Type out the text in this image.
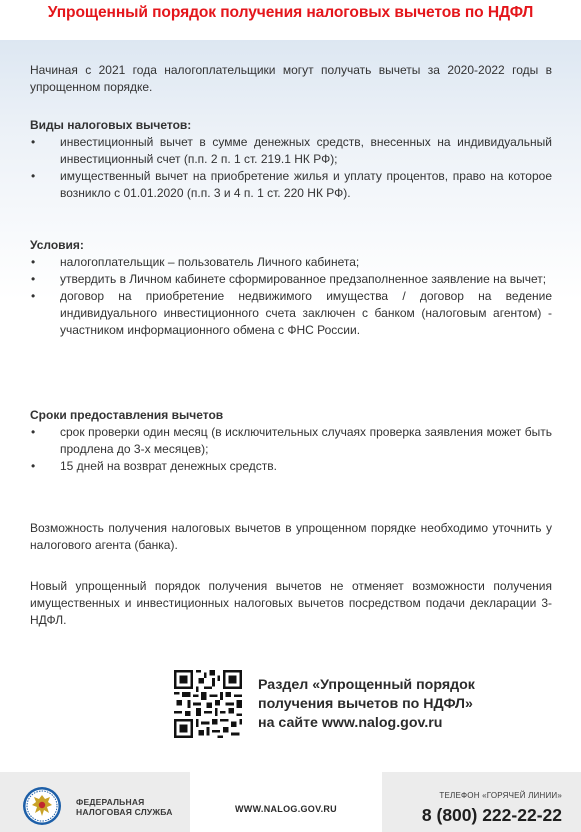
Упрощенный порядок получения налоговых вычетов по НДФЛ
Начиная с 2021 года налогоплательщики могут получать вычеты за 2020-2022 годы в упрощенном порядке.
Виды налоговых вычетов:
• инвестиционный вычет в сумме денежных средств, внесенных на индивидуальный инвестиционный счет (п.п. 2 п. 1 ст. 219.1 НК РФ);
• имущественный вычет на приобретение жилья и уплату процентов, право на которое возникло с 01.01.2020 (п.п. 3 и 4 п. 1 ст. 220 НК РФ).
Условия:
• налогоплательщик – пользователь Личного кабинета;
• утвердить в Личном кабинете сформированное предзаполненное заявление на вычет;
• договор на приобретение недвижимого имущества / договор на ведение индивидуального инвестиционного счета заключен с банком (налоговым агентом) - участником информационного обмена с ФНС России.
Сроки предоставления вычетов
• срок проверки один месяц (в исключительных случаях проверка заявления может быть продлена до 3-х месяцев);
• 15 дней на возврат денежных средств.
Возможность получения налоговых вычетов в упрощенном порядке необходимо уточнить у налогового агента (банка).
Новый упрощенный порядок получения вычетов не отменяет возможности получения имущественных и инвестиционных налоговых вычетов посредством подачи декларации 3-НДФЛ.
Раздел «Упрощенный порядок
получения вычетов по НДФЛ»
на сайте www.nalog.gov.ru
ФЕДЕРАЛЬНАЯ
НАЛОГОВАЯ СЛУЖБА	WWW.NALOG.GOV.RU
ТЕЛЕФОН «ГОРЯЧЕЙ ЛИНИИ»
8 (800) 222-22-22
